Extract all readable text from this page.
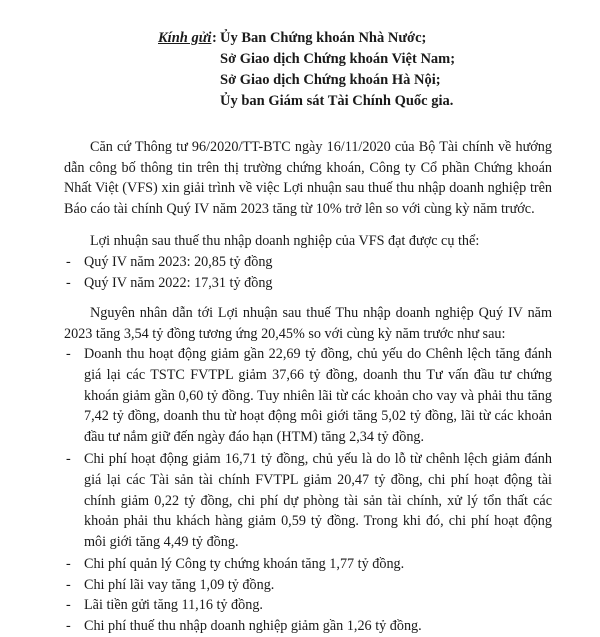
Kính gửi : Ủy Ban Chứng khoán Nhà Nước;
Sở Giao dịch Chứng khoán Việt Nam;
Sở Giao dịch Chứng khoán Hà Nội;
Ủy ban Giám sát Tài Chính Quốc gia.

Căn cứ Thông tư 96/2020/TT-BTC ngày 16/11/2020 của Bộ Tài chính về hướng dẫn công bố thông tin trên thị trường chứng khoán, Công ty Cổ phần Chứng khoán Nhất Việt (VFS) xin giải trình về việc Lợi nhuận sau thuế thu nhập doanh nghiệp trên Báo cáo tài chính Quý IV năm 2023 tăng từ 10% trở lên so với cùng kỳ năm trước.

Lợi nhuận sau thuế thu nhập doanh nghiệp của VFS đạt được cụ thể:

- Quý IV năm 2023: 20,85 tỷ đồng
- Quý IV năm 2022: 17,31 tỷ đồng

Nguyên nhân dẫn tới Lợi nhuận sau thuế Thu nhập doanh nghiệp Quý IV năm 2023 tăng 3,54 tỷ đồng tương ứng 20,45% so với cùng kỳ năm trước như sau:

- Doanh thu hoạt động giảm gần 22,69 tỷ đồng, chủ yếu do Chênh lệch tăng đánh giá lại các TSTC FVTPL giảm 37,66 tỷ đồng, doanh thu Tư vấn đầu tư chứng khoán giảm gần 0,60 tỷ đồng. Tuy nhiên lãi từ các khoản cho vay và phải thu tăng 7,42 tỷ đồng, doanh thu từ hoạt động môi giới tăng 5,02 tỷ đồng, lãi từ các khoản đầu tư nắm giữ đến ngày đáo hạn (HTM) tăng 2,34 tỷ đồng.
- Chi phí hoạt động giảm 16,71 tỷ đồng, chủ yếu là do lỗ từ chênh lệch giảm đánh giá lại các Tài sản tài chính FVTPL giảm 20,47 tỷ đồng, chi phí hoạt động tài chính giảm 0,22 tỷ đồng, chi phí dự phòng tài sản tài chính, xử lý tổn thất các khoản phải thu khách hàng giảm 0,59 tỷ đồng. Trong khi đó, chi phí hoạt động môi giới tăng 4,49 tỷ đồng.
- Chi phí quản lý Công ty chứng khoán tăng 1,77 tỷ đồng.
- Chi phí lãi vay tăng 1,09 tỷ đồng.
- Lãi tiền gửi tăng 11,16 tỷ đồng.
- Chi phí thuế thu nhập doanh nghiệp giảm gần 1,26 tỷ đồng.
